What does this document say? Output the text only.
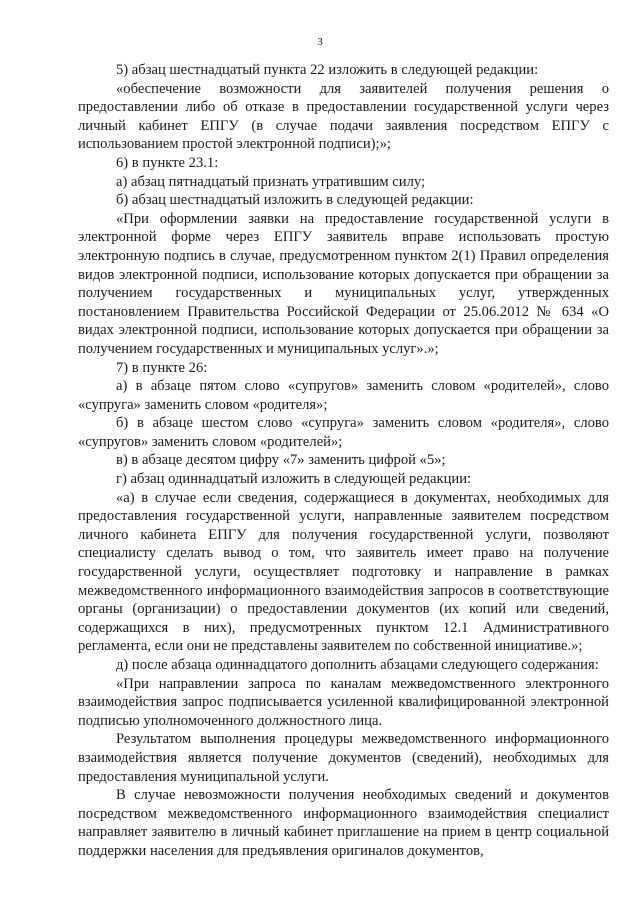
3

5) абзац шестнадцатый пункта 22 изложить в следующей редакции:

«обеспечение возможности для заявителей получения решения о предоставлении либо об отказе в предоставлении государственной услуги через личный кабинет ЕПГУ (в случае подачи заявления посредством ЕПГУ с использованием простой электронной подписи);»;

6) в пункте 23.1:

а) абзац пятнадцатый признать утратившим силу;

б) абзац шестнадцатый изложить в следующей редакции:

«При оформлении заявки на предоставление государственной услуги в электронной форме через ЕПГУ заявитель вправе использовать простую электронную подпись в случае, предусмотренном пунктом 2(1) Правил определения видов электронной подписи, использование которых допускается при обращении за получением государственных и муниципальных услуг, утвержденных постановлением Правительства Российской Федерации от 25.06.2012 № 634 «О видах электронной подписи, использование которых допускается при обращении за получением государственных и муниципальных услуг».»;

7) в пункте 26:

а) в абзаце пятом слово «супругов» заменить словом «родителей», слово «супруга» заменить словом «родителя»;

б) в абзаце шестом слово «супруга» заменить словом «родителя», слово «супругов» заменить словом «родителей»;

в) в абзаце десятом цифру «7» заменить цифрой «5»;

г) абзац одиннадцатый изложить в следующей редакции:

«а) в случае если сведения, содержащиеся в документах, необходимых для предоставления государственной услуги, направленные заявителем посредством личного кабинета ЕПГУ для получения государственной услуги, позволяют специалисту сделать вывод о том, что заявитель имеет право на получение государственной услуги, осуществляет подготовку и направление в рамках межведомственного информационного взаимодействия запросов в соответствующие органы (организации) о предоставлении документов (их копий или сведений, содержащихся в них), предусмотренных пунктом 12.1 Административного регламента, если они не представлены заявителем по собственной инициативе.»;

д) после абзаца одиннадцатого дополнить абзацами следующего содержания:

«При направлении запроса по каналам межведомственного электронного взаимодействия запрос подписывается усиленной квалифицированной электронной подписью уполномоченного должностного лица.

Результатом выполнения процедуры межведомственного информационного взаимодействия является получение документов (сведений), необходимых для предоставления муниципальной услуги.

В случае невозможности получения необходимых сведений и документов посредством межведомственного информационного взаимодействия специалист направляет заявителю в личный кабинет приглашение на прием в центр социальной поддержки населения для предъявления оригиналов документов,
